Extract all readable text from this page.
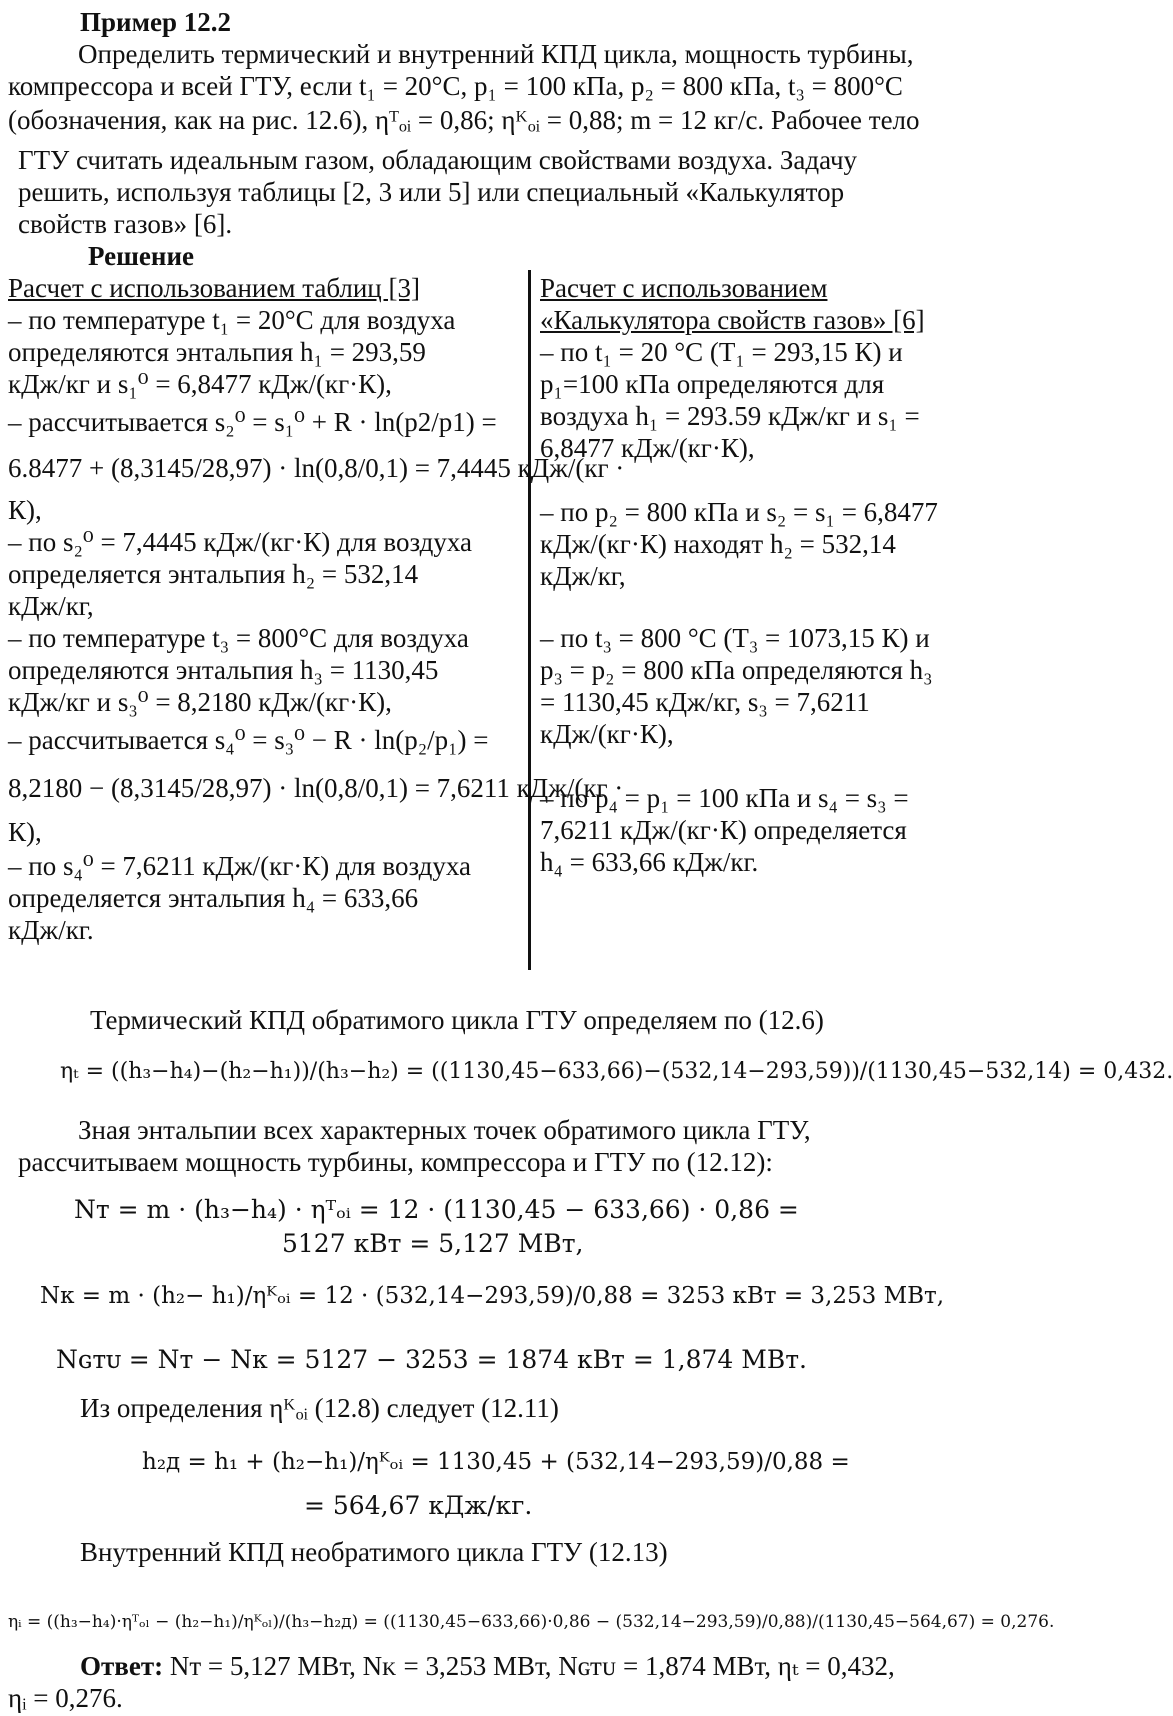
Пример 12.2
Определить термический и внутренний КПД цикла, мощность турбины,
компрессора и всей ГТУ, если t₁ = 20°С, p₁ = 100 кПа, p₂ = 800 кПа, t₃ = 800°С
(обозначения, как на рис. 12.6), ηᵀₒᵢ = 0,86; ηᴷₒᵢ = 0,88; m = 12 кг/с. Рабочее тело
ГТУ считать идеальным газом, обладающим свойствами воздуха. Задачу
решить, используя таблицы [2, 3 или 5] или специальный «Калькулятор
свойств газов» [6].
Решение
Расчет с использованием таблиц [3]
– по температуре t₁ = 20°С для воздуха
определяются энтальпия h₁ = 293,59
кДж/кг и s₁⁰ = 6,8477 кДж/(кг·К),
– рассчитывается s₂⁰ = s₁⁰ + R · ln(p2/p1) =
6.8477 + (8,3145/28,97) · ln(0,8/0,1) = 7,4445 кДж/(кг ·
К),
– по s₂⁰ = 7,4445 кДж/(кг·К) для воздуха
определяется энтальпия h₂ = 532,14
кДж/кг,
– по температуре t₃ = 800°С для воздуха
определяются энтальпия h₃ = 1130,45
кДж/кг и s₃⁰ = 8,2180 кДж/(кг·К),
– рассчитывается s₄⁰ = s₃⁰ − R · ln(p₂/p₁) =
8,2180 − (8,3145/28,97) · ln(0,8/0,1) = 7,6211 кДж/(кг ·
К),
– по s₄⁰ = 7,6211 кДж/(кг·К) для воздуха
определяется энтальпия h₄ = 633,66
кДж/кг.
Расчет с использованием
«Калькулятора свойств газов» [6]
– по t₁ = 20 °С (T₁ = 293,15 К) и
p₁=100 кПа определяются для
воздуха h₁ = 293.59 кДж/кг и s₁ =
6,8477 кДж/(кг·К),
– по p₂ = 800 кПа и s₂ = s₁ = 6,8477
кДж/(кг·К) находят h₂ = 532,14
кДж/кг,
– по t₃ = 800 °С (T₃ = 1073,15 К) и
p₃ = p₂ = 800 кПа определяются h₃
= 1130,45 кДж/кг, s₃ = 7,6211
кДж/(кг·К),
– по p₄ = p₁ = 100 кПа и s₄ = s₃ =
7,6211 кДж/(кг·К) определяется
h₄ = 633,66 кДж/кг.
Термический КПД обратимого цикла ГТУ определяем по (12.6)
ηₜ = ((h₃−h₄)−(h₂−h₁))/(h₃−h₂) = ((1130,45−633,66)−(532,14−293,59))/(1130,45−532,14) = 0,432.
Зная энтальпии всех характерных точек обратимого цикла ГТУ,
рассчитываем мощность турбины, компрессора и ГТУ по (12.12):
Nᴛ = m · (h₃−h₄) · ηᵀₒᵢ = 12 · (1130,45 − 633,66) · 0,86 =
5127 кВт = 5,127 МВт,
Nᴋ = m · (h₂− h₁)/ηᴷₒᵢ = 12 · (532,14−293,59)/0,88 = 3253 кВт = 3,253 МВт,
Nɢᴛᴜ = Nᴛ − Nᴋ = 5127 − 3253 = 1874 кВт = 1,874 МВт.
Из определения ηᴷₒᵢ (12.8) следует (12.11)
h₂д = h₁ + (h₂−h₁)/ηᴷₒᵢ = 1130,45 + (532,14−293,59)/0,88 =
= 564,67 кДж/кг.
Внутренний КПД необратимого цикла ГТУ (12.13)
ηᵢ = ((h₃−h₄)·ηᵀₒₗ − (h₂−h₁)/ηᴷₒₗ)/(h₃−h₂д) = ((1130,45−633,66)·0,86 − (532,14−293,59)/0,88)/(1130,45−564,67) = 0,276.
Ответ: Nᴛ = 5,127 МВт, Nᴋ = 3,253 МВт, Nɢᴛᴜ = 1,874 МВт, ηₜ = 0,432,
ηᵢ = 0,276.
